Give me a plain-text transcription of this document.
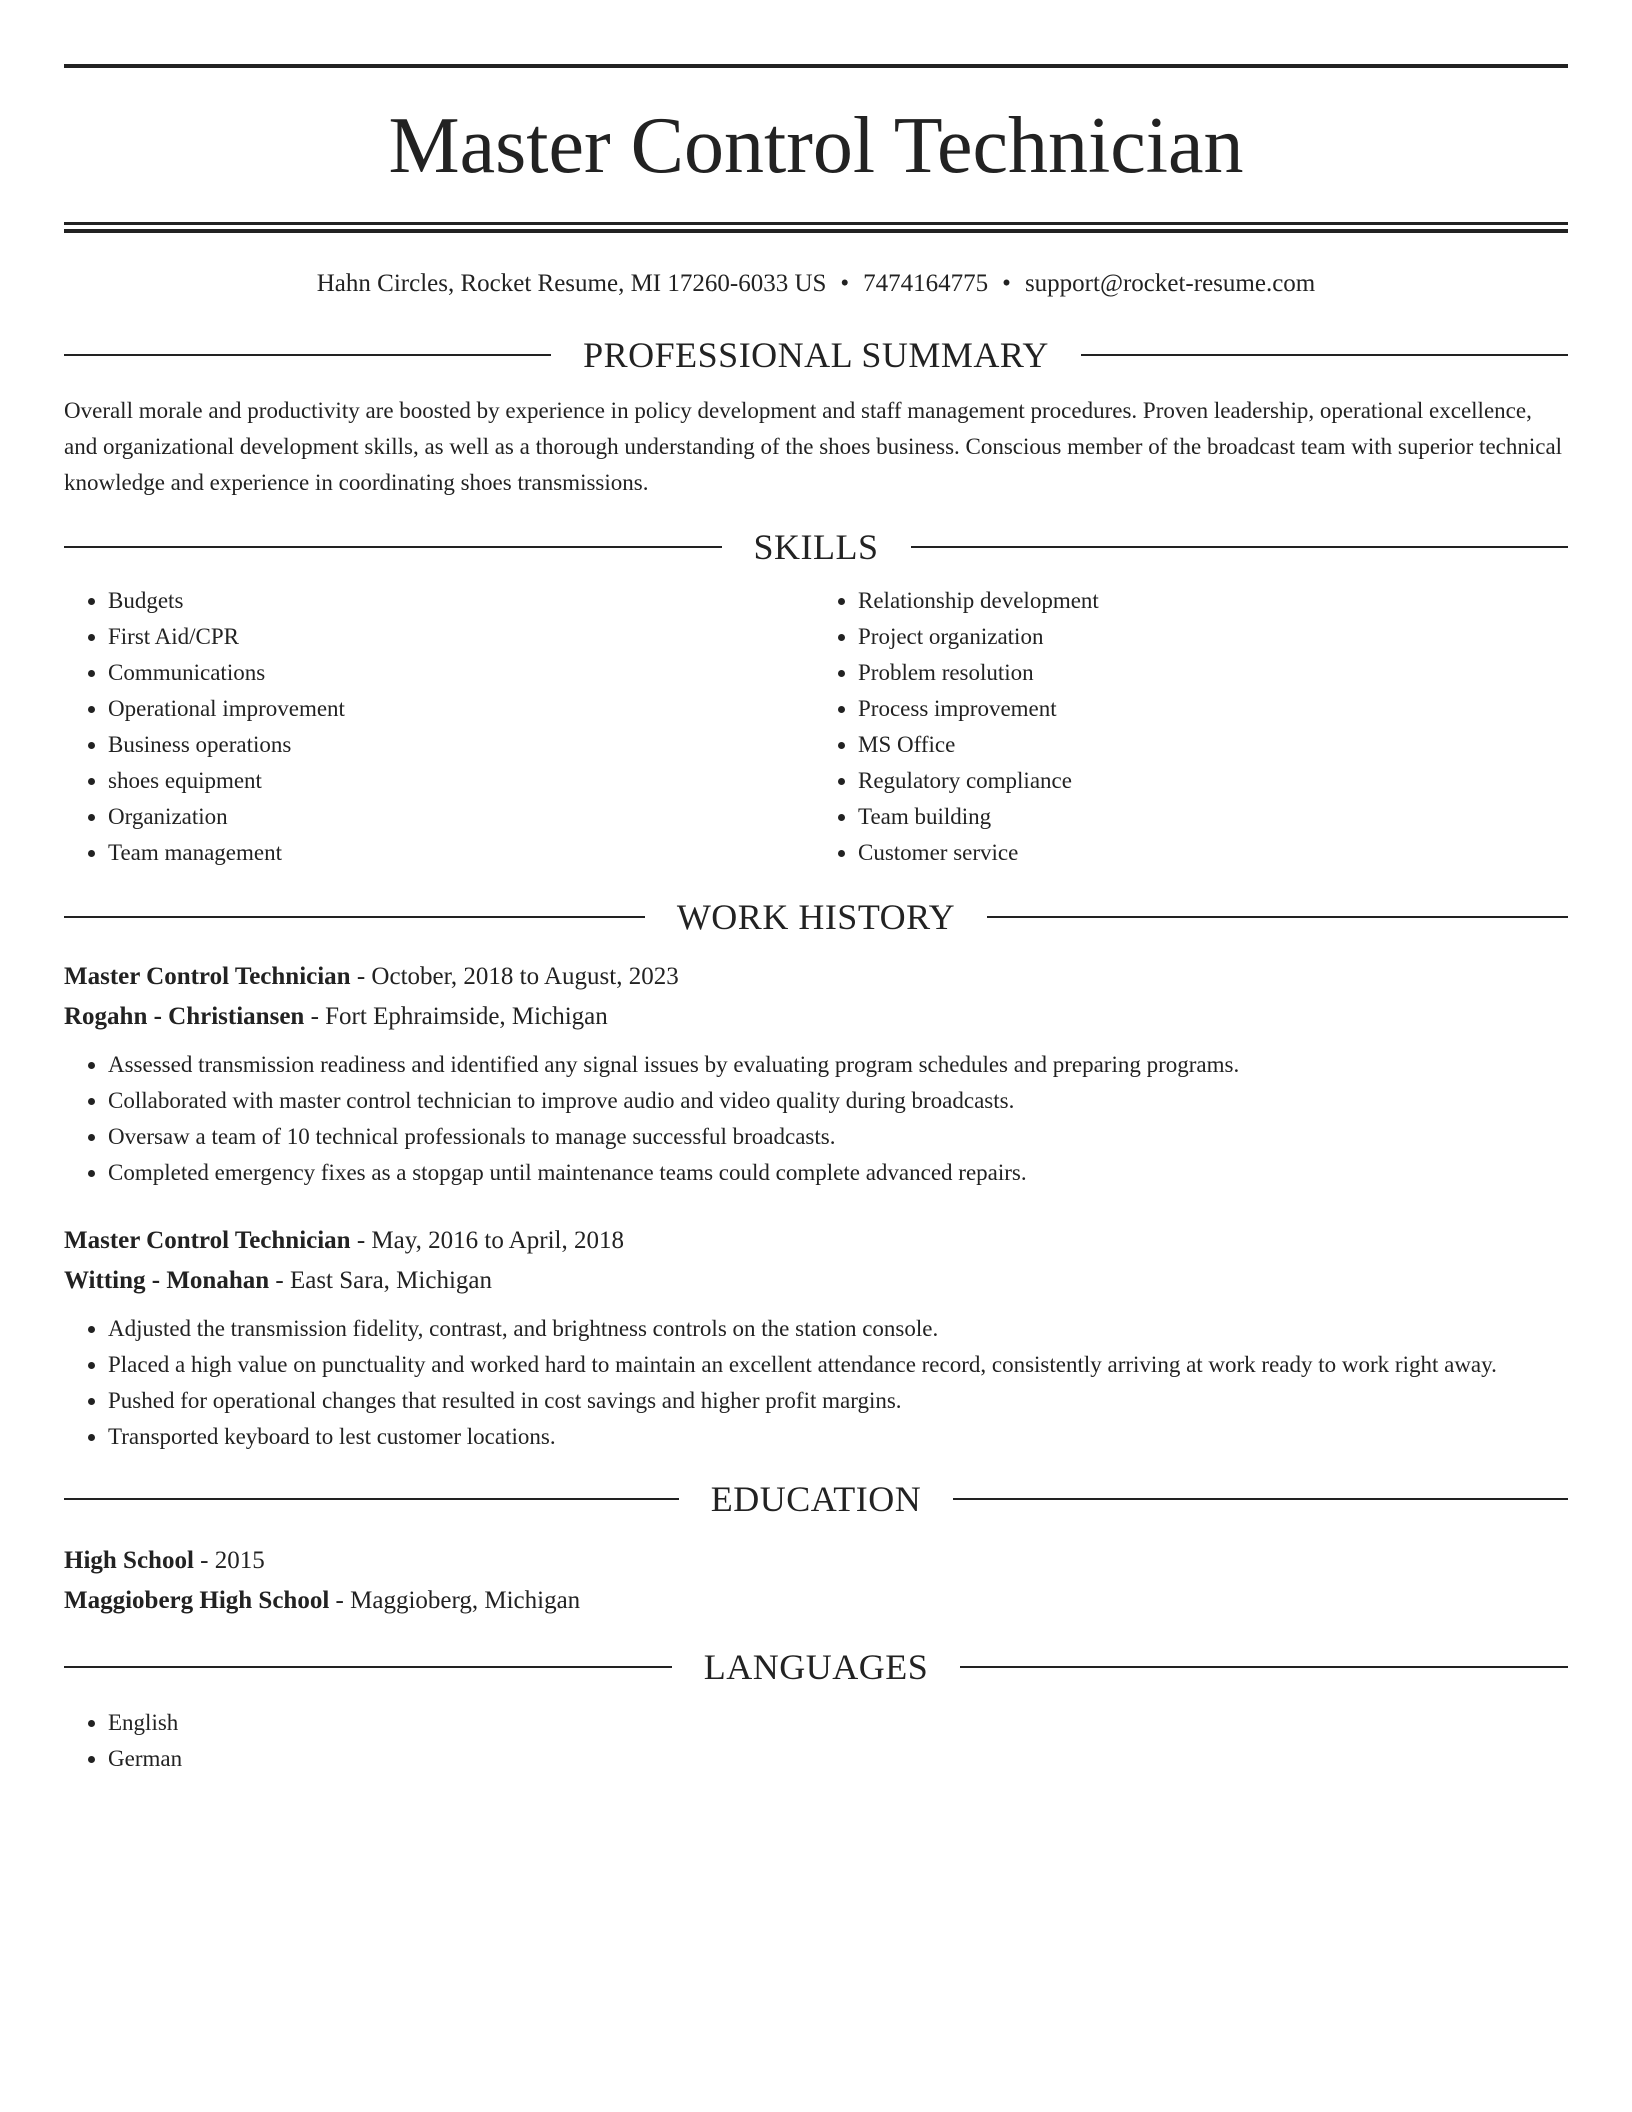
Master Control Technician
Hahn Circles, Rocket Resume, MI 17260-6033 US • 7474164775 • support@rocket-resume.com
PROFESSIONAL SUMMARY
Overall morale and productivity are boosted by experience in policy development and staff management procedures. Proven leadership, operational excellence, and organizational development skills, as well as a thorough understanding of the shoes business. Conscious member of the broadcast team with superior technical knowledge and experience in coordinating shoes transmissions.
SKILLS
• Budgets
• First Aid/CPR
• Communications
• Operational improvement
• Business operations
• shoes equipment
• Organization
• Team management
• Relationship development
• Project organization
• Problem resolution
• Process improvement
• MS Office
• Regulatory compliance
• Team building
• Customer service
WORK HISTORY
Master Control Technician - October, 2018 to August, 2023
Rogahn - Christiansen - Fort Ephraimside, Michigan
• Assessed transmission readiness and identified any signal issues by evaluating program schedules and preparing programs.
• Collaborated with master control technician to improve audio and video quality during broadcasts.
• Oversaw a team of 10 technical professionals to manage successful broadcasts.
• Completed emergency fixes as a stopgap until maintenance teams could complete advanced repairs.
Master Control Technician - May, 2016 to April, 2018
Witting - Monahan - East Sara, Michigan
• Adjusted the transmission fidelity, contrast, and brightness controls on the station console.
• Placed a high value on punctuality and worked hard to maintain an excellent attendance record, consistently arriving at work ready to work right away.
• Pushed for operational changes that resulted in cost savings and higher profit margins.
• Transported keyboard to lest customer locations.
EDUCATION
High School - 2015
Maggioberg High School - Maggioberg, Michigan
LANGUAGES
• English
• German
